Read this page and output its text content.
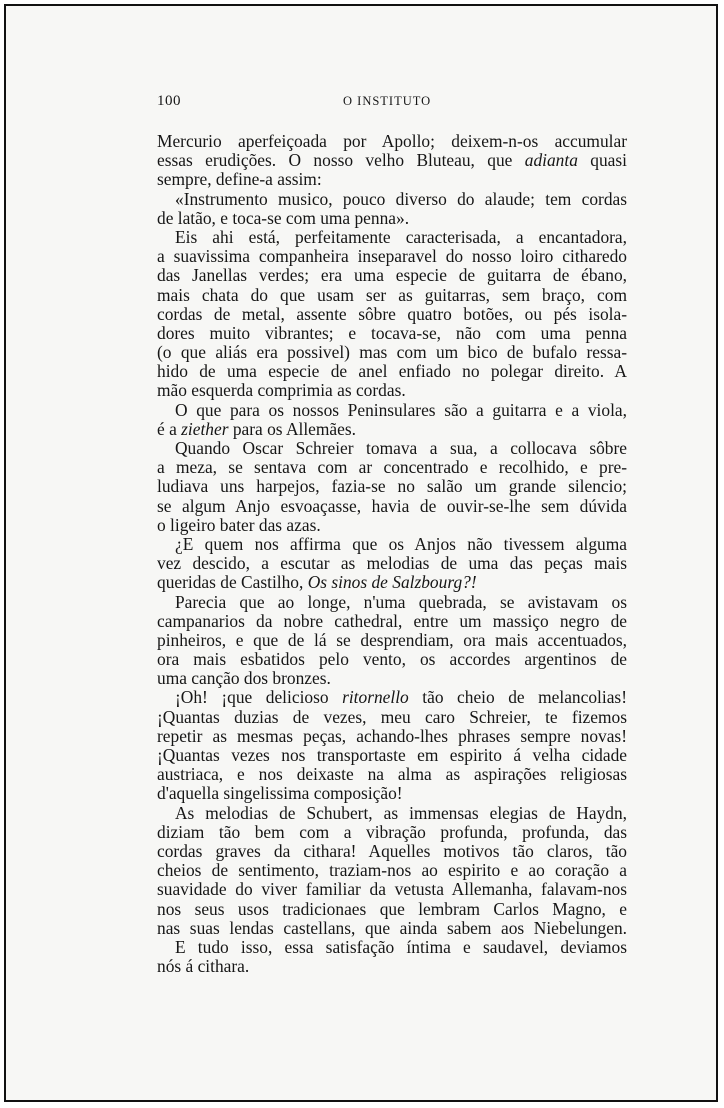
100	O INSTITUTO
Mercurio aperfeiçoada por Apollo; deixem-n-os accumular
essas erudições. O nosso velho Bluteau, que adianta quasi
sempre, define-a assim:
«Instrumento musico, pouco diverso do alaude; tem cordas
de latão, e toca-se com uma penna».
Eis ahi está, perfeitamente caracterisada, a encantadora,
a suavissima companheira inseparavel do nosso loiro citharedo
das Janellas verdes; era uma especie de guitarra de ébano,
mais chata do que usam ser as guitarras, sem braço, com
cordas de metal, assente sôbre quatro botões, ou pés isola-
dores muito vibrantes; e tocava-se, não com uma penna
(o que aliás era possivel) mas com um bico de bufalo ressa-
hido de uma especie de anel enfiado no polegar direito. A
mão esquerda comprimia as cordas.
O que para os nossos Peninsulares são a guitarra e a viola,
é a ziether para os Allemães.
Quando Oscar Schreier tomava a sua, a collocava sôbre
a meza, se sentava com ar concentrado e recolhido, e pre-
ludiava uns harpejos, fazia-se no salão um grande silencio;
se algum Anjo esvoaçasse, havia de ouvir-se-lhe sem dúvida
o ligeiro bater das azas.
¿E quem nos affirma que os Anjos não tivessem alguma
vez descido, a escutar as melodias de uma das peças mais
queridas de Castilho, Os sinos de Salzbourg?!
Parecia que ao longe, n'uma quebrada, se avistavam os
campanarios da nobre cathedral, entre um massiço negro de
pinheiros, e que de lá se desprendiam, ora mais accentuados,
ora mais esbatidos pelo vento, os accordes argentinos de
uma canção dos bronzes.
¡Oh! ¡que delicioso ritornello tão cheio de melancolias!
¡Quantas duzias de vezes, meu caro Schreier, te fizemos
repetir as mesmas peças, achando-lhes phrases sempre novas!
¡Quantas vezes nos transportaste em espirito á velha cidade
austriaca, e nos deixaste na alma as aspirações religiosas
d'aquella singelissima composição!
As melodias de Schubert, as immensas elegias de Haydn,
diziam tão bem com a vibração profunda, profunda, das
cordas graves da cithara! Aquelles motivos tão claros, tão
cheios de sentimento, traziam-nos ao espirito e ao coração a
suavidade do viver familiar da vetusta Allemanha, falavam-nos
nos seus usos tradicionaes que lembram Carlos Magno, e
nas suas lendas castellans, que ainda sabem aos Niebelungen.
E tudo isso, essa satisfação íntima e saudavel, deviamos
nós á cithara.
